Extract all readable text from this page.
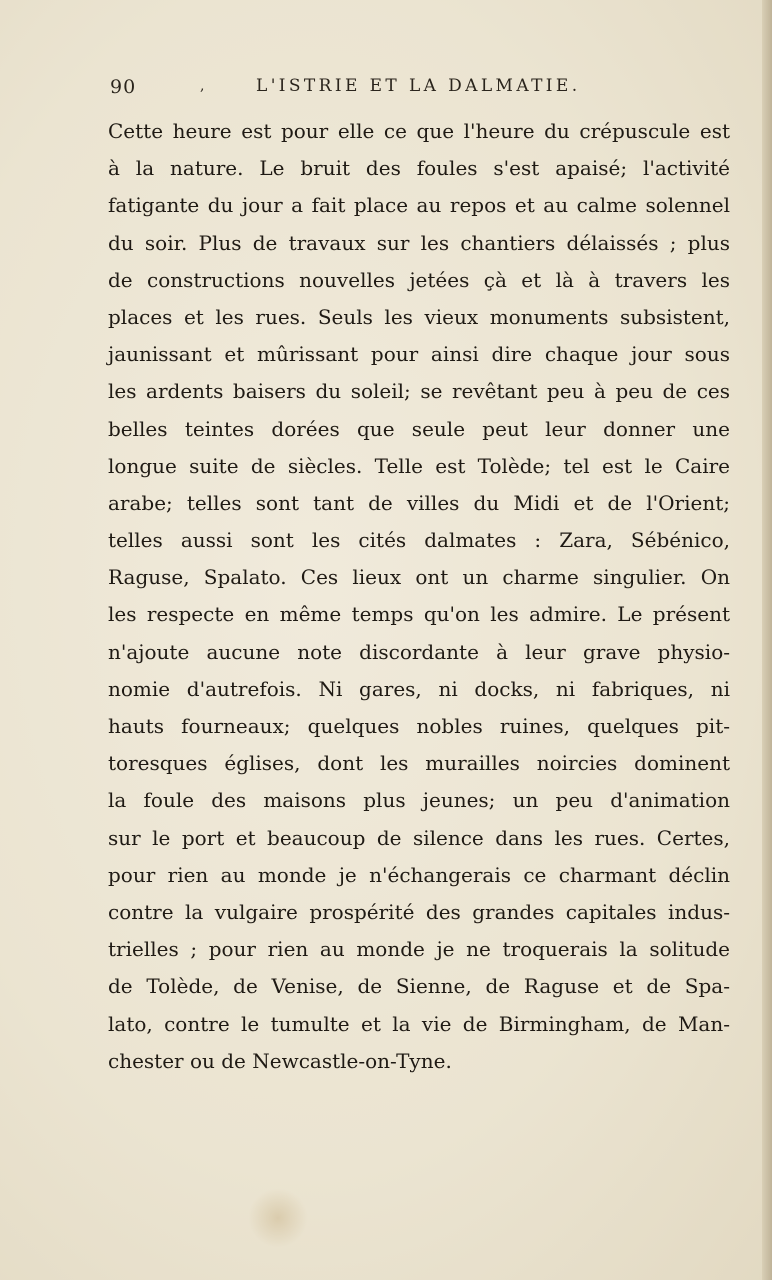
90	,	L'ISTRIE ET LA DALMATIE.
Cette heure est pour elle ce que l'heure du crépuscule est
à la nature. Le bruit des foules s'est apaisé; l'activité
fatigante du jour a fait place au repos et au calme solennel
du soir. Plus de travaux sur les chantiers délaissés ; plus
de constructions nouvelles jetées çà et là à travers les
places et les rues. Seuls les vieux monuments subsistent,
jaunissant et mûrissant pour ainsi dire chaque jour sous
les ardents baisers du soleil; se revêtant peu à peu de ces
belles teintes dorées que seule peut leur donner une
longue suite de siècles. Telle est Tolède; tel est le Caire
arabe; telles sont tant de villes du Midi et de l'Orient;
telles aussi sont les cités dalmates : Zara, Sébénico,
Raguse, Spalato. Ces lieux ont un charme singulier. On
les respecte en même temps qu'on les admire. Le présent
n'ajoute aucune note discordante à leur grave physio-
nomie d'autrefois. Ni gares, ni docks, ni fabriques, ni
hauts fourneaux; quelques nobles ruines, quelques pit-
toresques églises, dont les murailles noircies dominent
la foule des maisons plus jeunes; un peu d'animation
sur le port et beaucoup de silence dans les rues. Certes,
pour rien au monde je n'échangerais ce charmant déclin
contre la vulgaire prospérité des grandes capitales indus-
trielles ; pour rien au monde je ne troquerais la solitude
de Tolède, de Venise, de Sienne, de Raguse et de Spa-
lato, contre le tumulte et la vie de Birmingham, de Man-
chester ou de Newcastle-on-Tyne.
